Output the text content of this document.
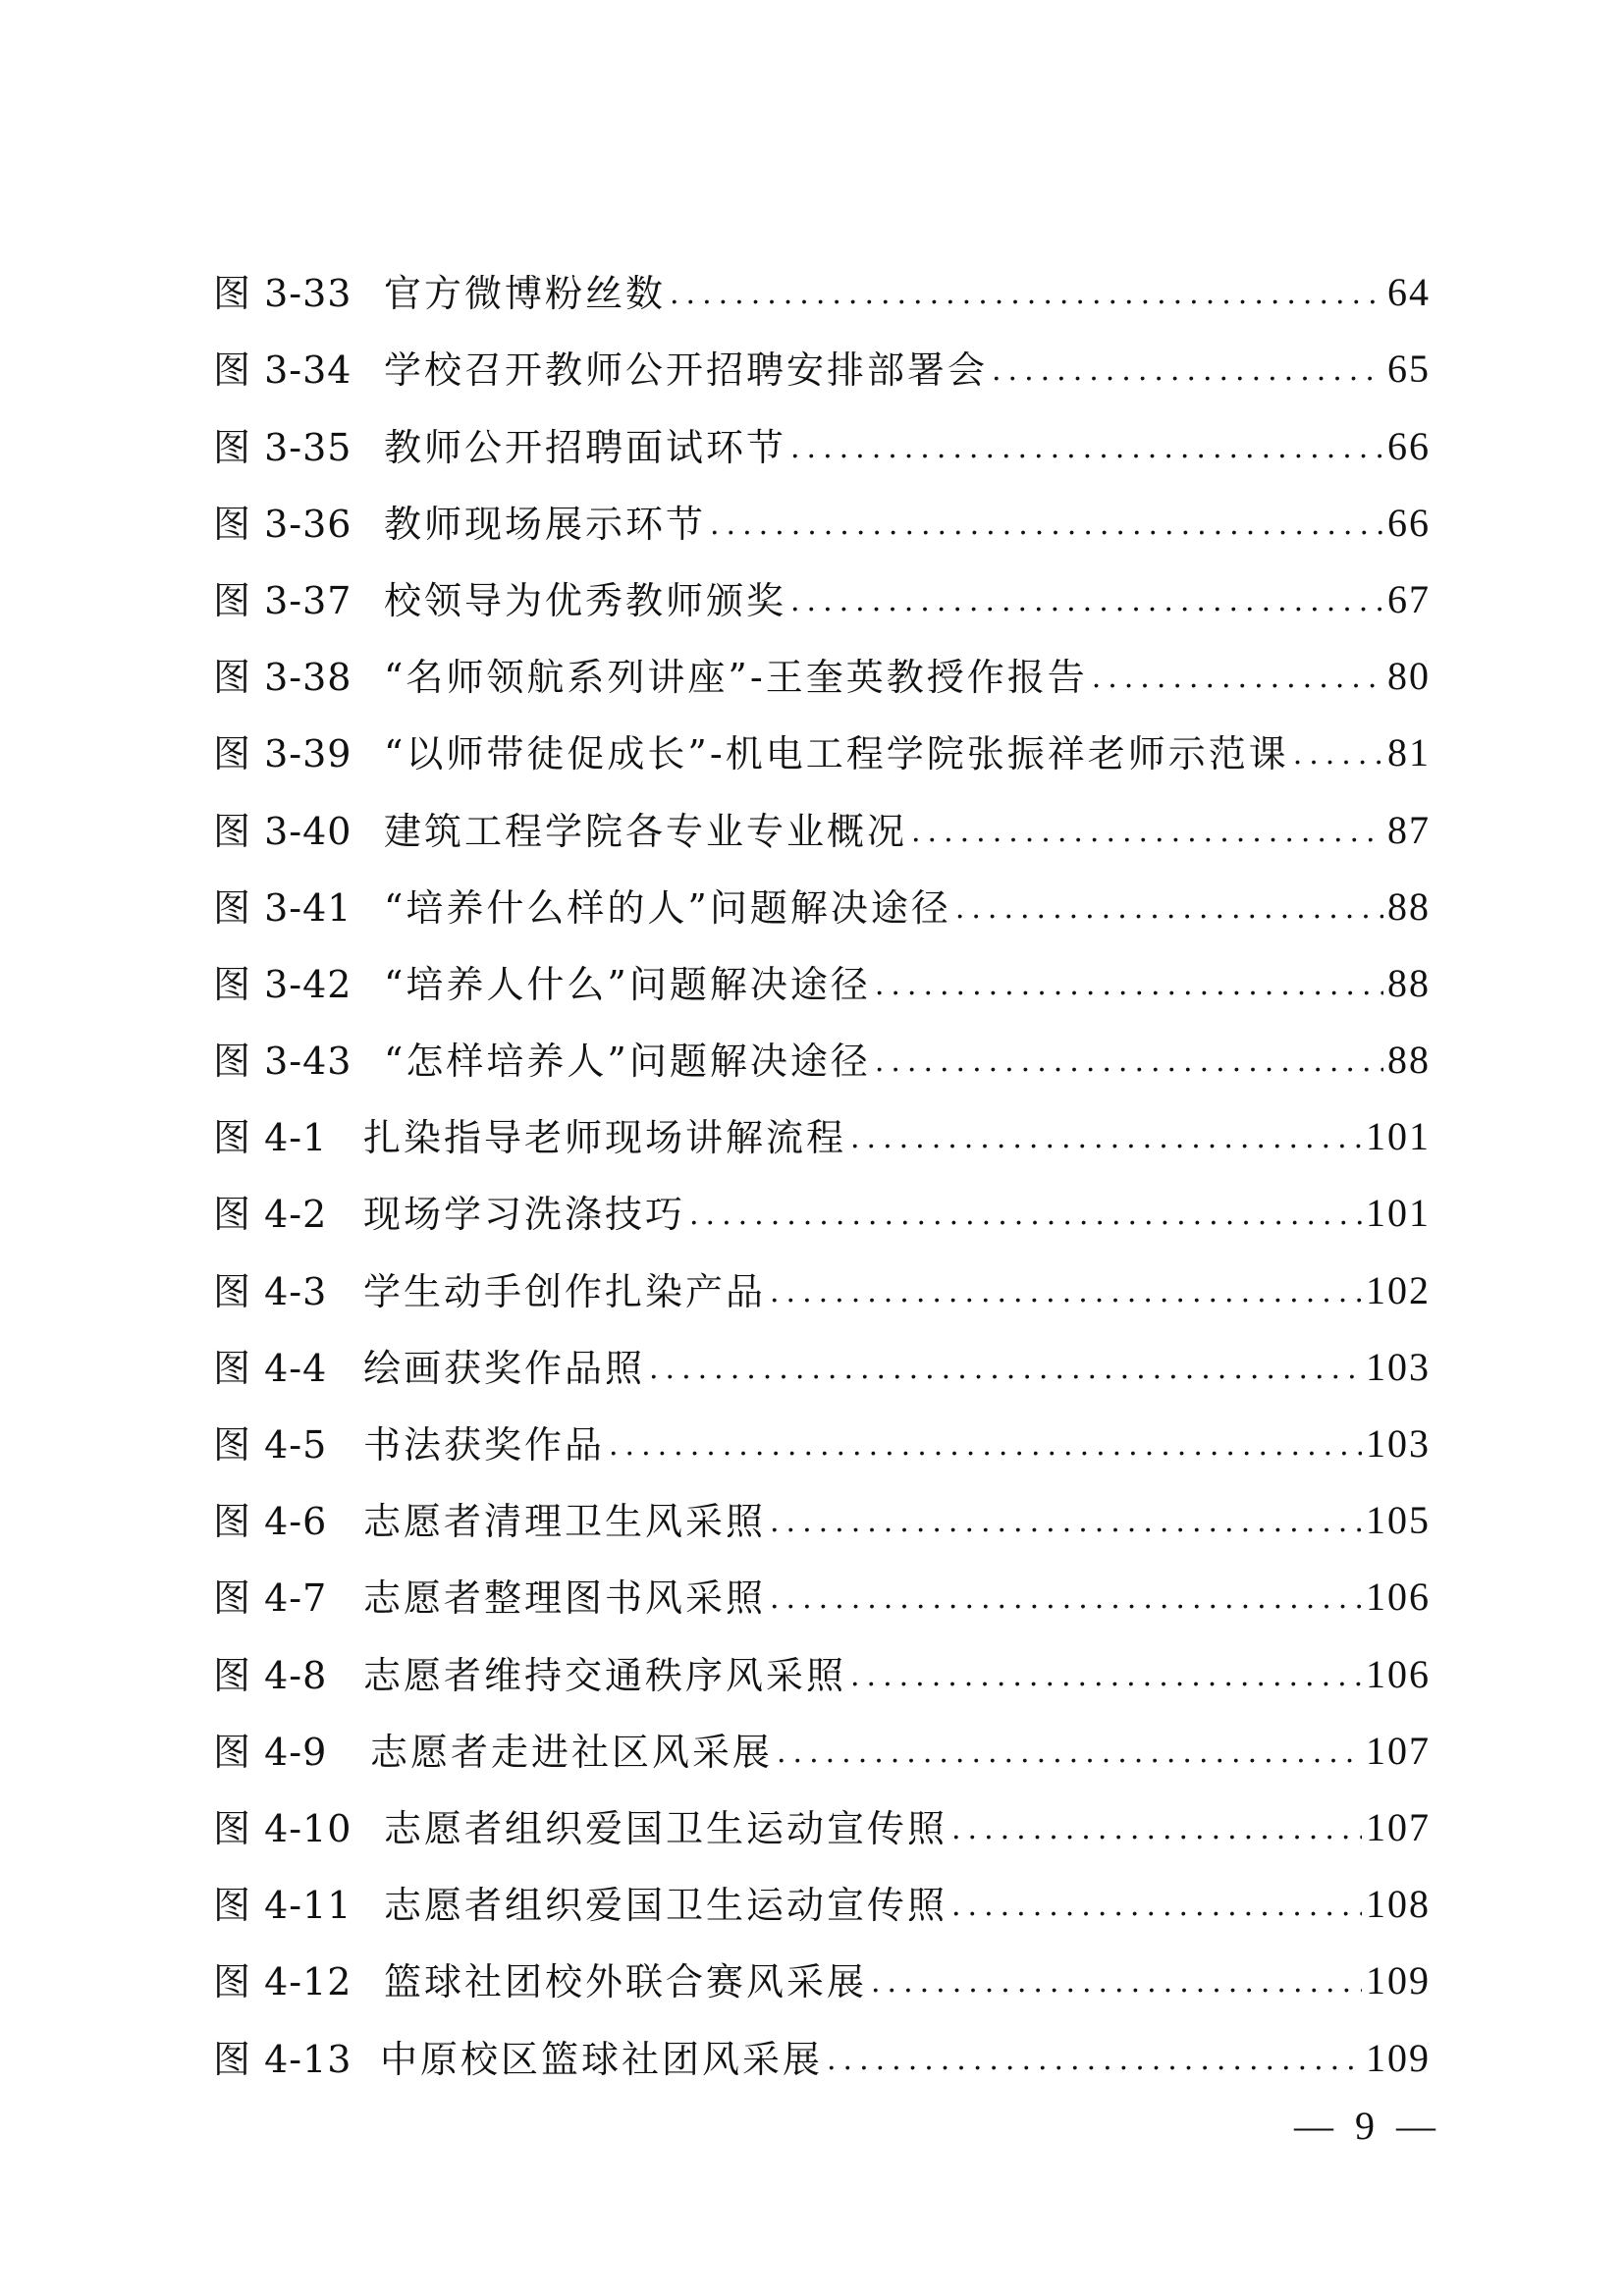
图 3-33 官方微博粉丝数 .....	64
图 3-34 学校召开教师公开招聘安排部署会 .....	65
图 3-35 教师公开招聘面试环节 .....	66
图 3-36 教师现场展示环节 .....	66
图 3-37 校领导为优秀教师颁奖 .....	67
图 3-38 “名师领航系列讲座”-王奎英教授作报告 .....	80
图 3-39 “以师带徒促成长”-机电工程学院张振祥老师示范课 .....	81
图 3-40 建筑工程学院各专业专业概况 .....	87
图 3-41 “培养什么样的人”问题解决途径 .....	88
图 3-42 “培养人什么”问题解决途径 .....	88
图 3-43 “怎样培养人”问题解决途径 .....	88
图 4-1 扎染指导老师现场讲解流程 .....	101
图 4-2 现场学习洗涤技巧 .....	101
图 4-3 学生动手创作扎染产品 .....	102
图 4-4 绘画获奖作品照 .....	103
图 4-5 书法获奖作品 .....	103
图 4-6 志愿者清理卫生风采照 .....	105
图 4-7 志愿者整理图书风采照 .....	106
图 4-8 志愿者维持交通秩序风采照 .....	106
图 4-9	志愿者走进社区风采展 .....	107
图 4-10 志愿者组织爱国卫生运动宣传照 .....	107
图 4-11 志愿者组织爱国卫生运动宣传照 .....	108
图 4-12 篮球社团校外联合赛风采展 .....	109
图 4-13 中原校区篮球社团风采展 .....	109
— 9 —
